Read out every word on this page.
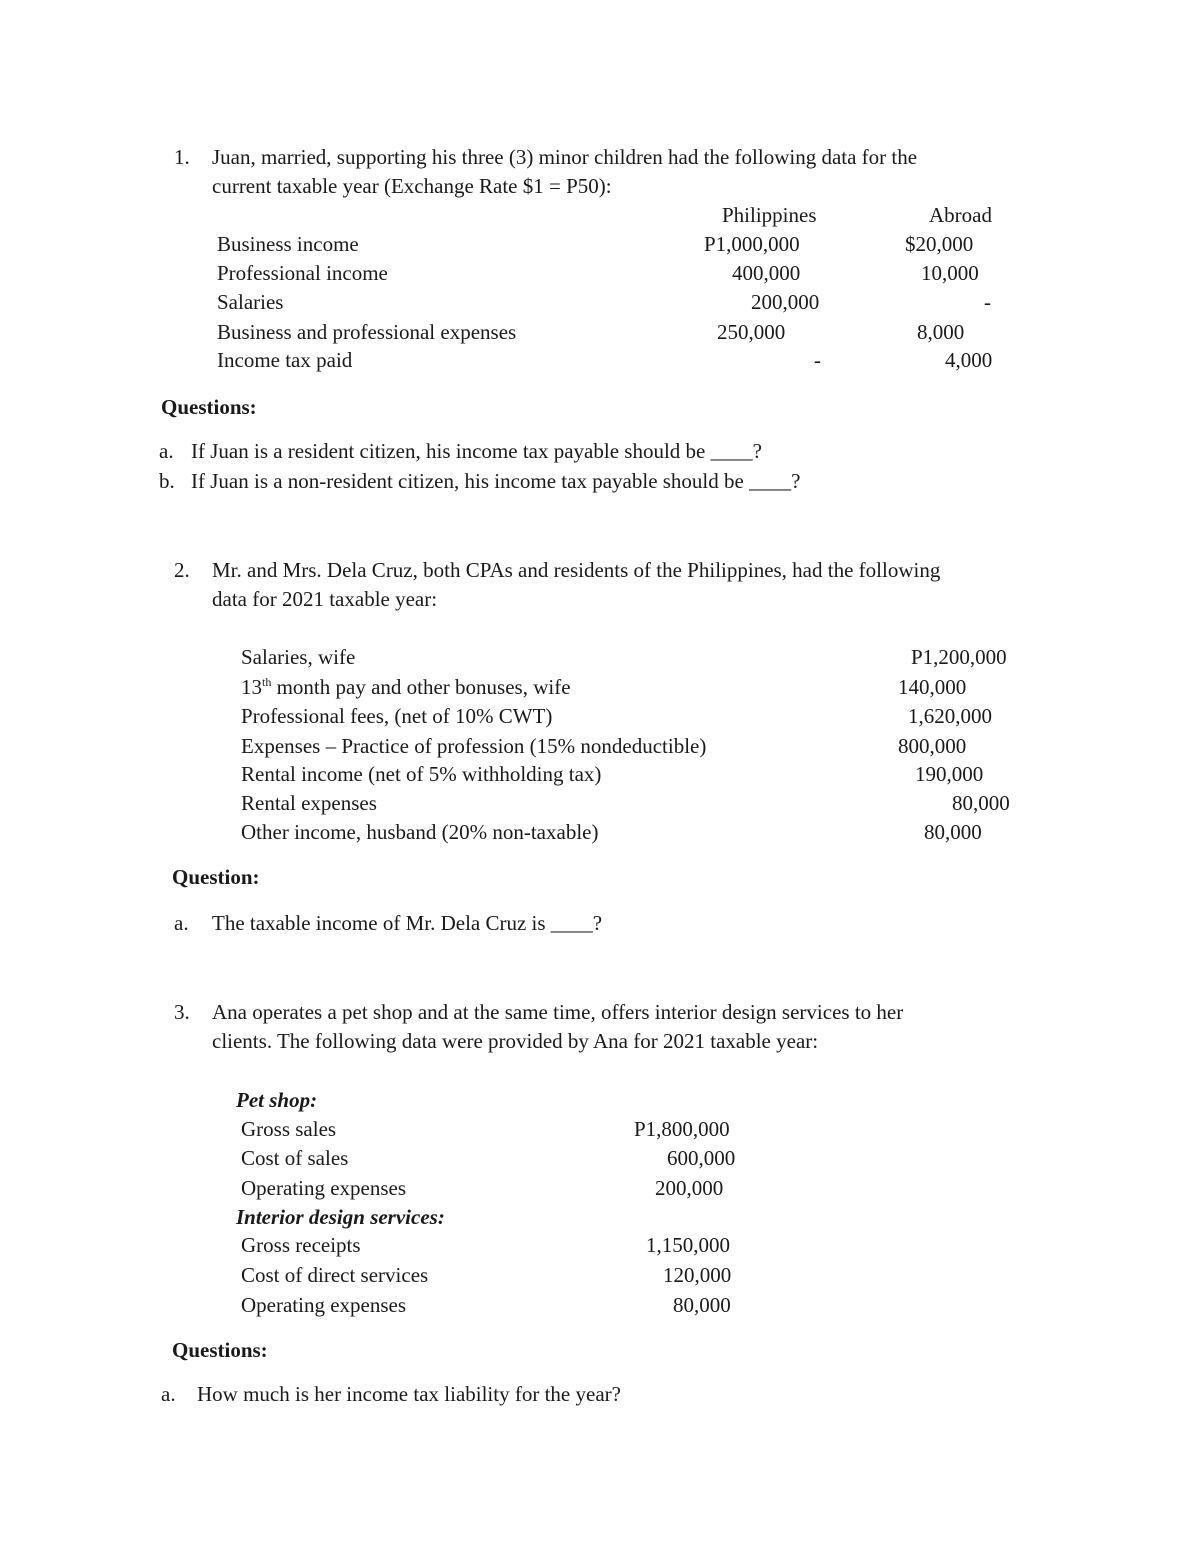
1. Juan, married, supporting his three (3) minor children had the following data for the
current taxable year (Exchange Rate $1 = P50):
Philippines	Abroad
Business income	P1,000,000	$20,000
Professional income	400,000	10,000
Salaries	200,000	-
Business and professional expenses	250,000	8,000
Income tax paid	-	4,000
Questions:
a. If Juan is a resident citizen, his income tax payable should be ____?
b. If Juan is a non-resident citizen, his income tax payable should be ____?
2. Mr. and Mrs. Dela Cruz, both CPAs and residents of the Philippines, had the following
data for 2021 taxable year:
Salaries, wife	P1,200,000
13th month pay and other bonuses, wife	140,000
Professional fees, (net of 10% CWT)	1,620,000
Expenses – Practice of profession (15% nondeductible)	800,000
Rental income (net of 5% withholding tax)	190,000
Rental expenses	80,000
Other income, husband (20% non-taxable)	80,000
Question:
a. The taxable income of Mr. Dela Cruz is ____?
3. Ana operates a pet shop and at the same time, offers interior design services to her
clients. The following data were provided by Ana for 2021 taxable year:
Pet shop:
Gross sales	P1,800,000
Cost of sales	600,000
Operating expenses	200,000
Interior design services:
Gross receipts	1,150,000
Cost of direct services	120,000
Operating expenses	80,000
Questions:
a. How much is her income tax liability for the year?
